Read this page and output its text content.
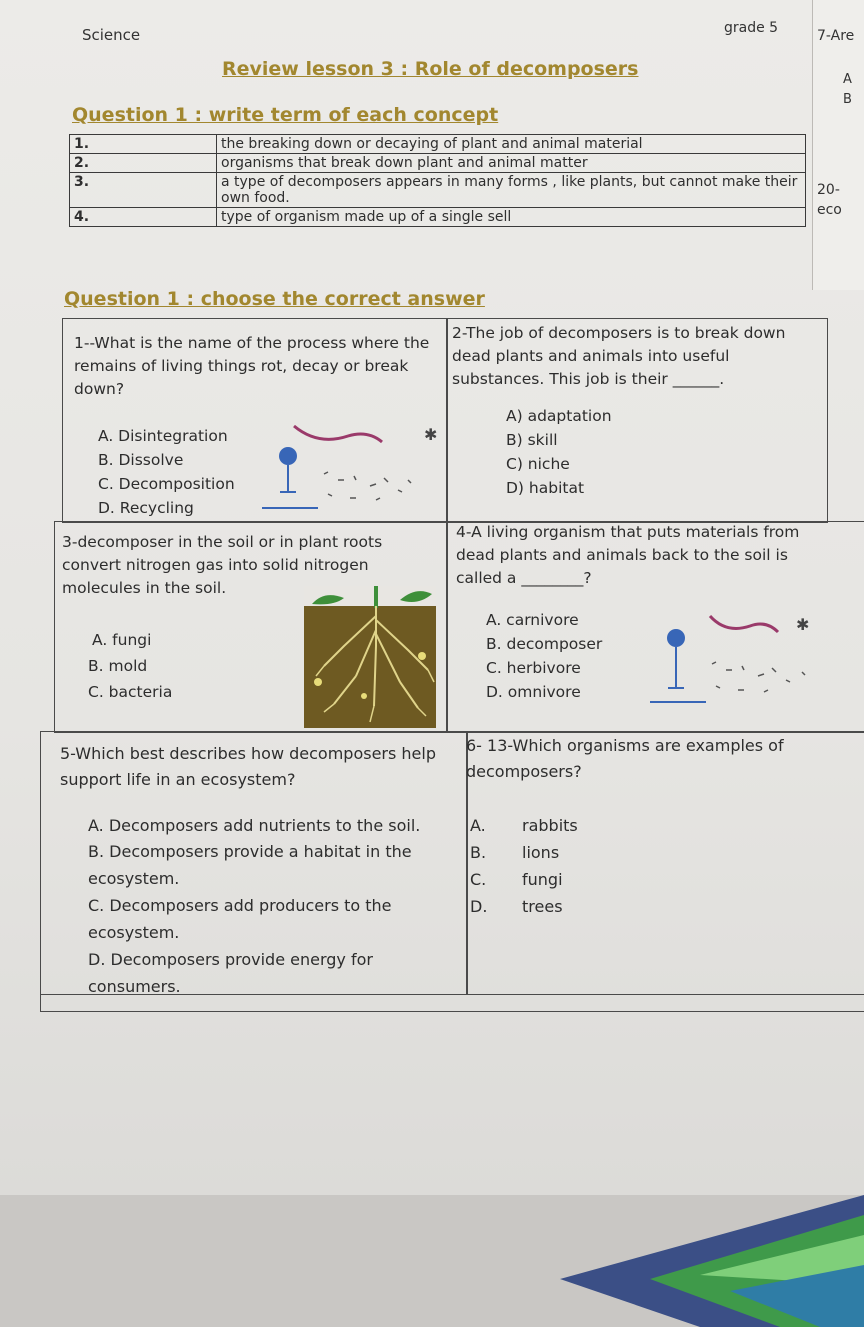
7-Are
A
B
20-
eco
Science	grade 5
Review lesson 3 : Role of decomposers
Question 1 : write term of each concept
1.	the breaking down or decaying of plant and animal material
2.	organisms that break down plant and animal matter
3.	a type of decomposers appears in many forms , like plants, but cannot make their own food.
4.	type of organism made up of a single sell
Question 1 : choose the correct answer
1--What is the name of the process where the remains of living things rot, decay or break down?
A. Disintegration
B. Dissolve
C. Decomposition
D. Recycling
✱
2-The job of decomposers is to break down dead plants and animals into useful substances. This job is their ______.
A) adaptation
B) skill
C) niche
D) habitat
3-decomposer in the soil or in plant roots convert nitrogen gas into solid nitrogen molecules in the soil.
A. fungi
B. mold
C. bacteria
4-A living organism that puts materials from dead plants and animals back to the soil is called a ________?
A. carnivore
B. decomposer
C. herbivore
D. omnivore
✱
5-Which best describes how decomposers help support life in an ecosystem?
A. Decomposers add nutrients to the soil.
B. Decomposers provide a habitat in the ecosystem.
C. Decomposers add producers to the ecosystem.
D. Decomposers provide energy for consumers.
6- 13-Which organisms are examples of decomposers?
A.	rabbits
B.	lions
C.	fungi
D.	trees
